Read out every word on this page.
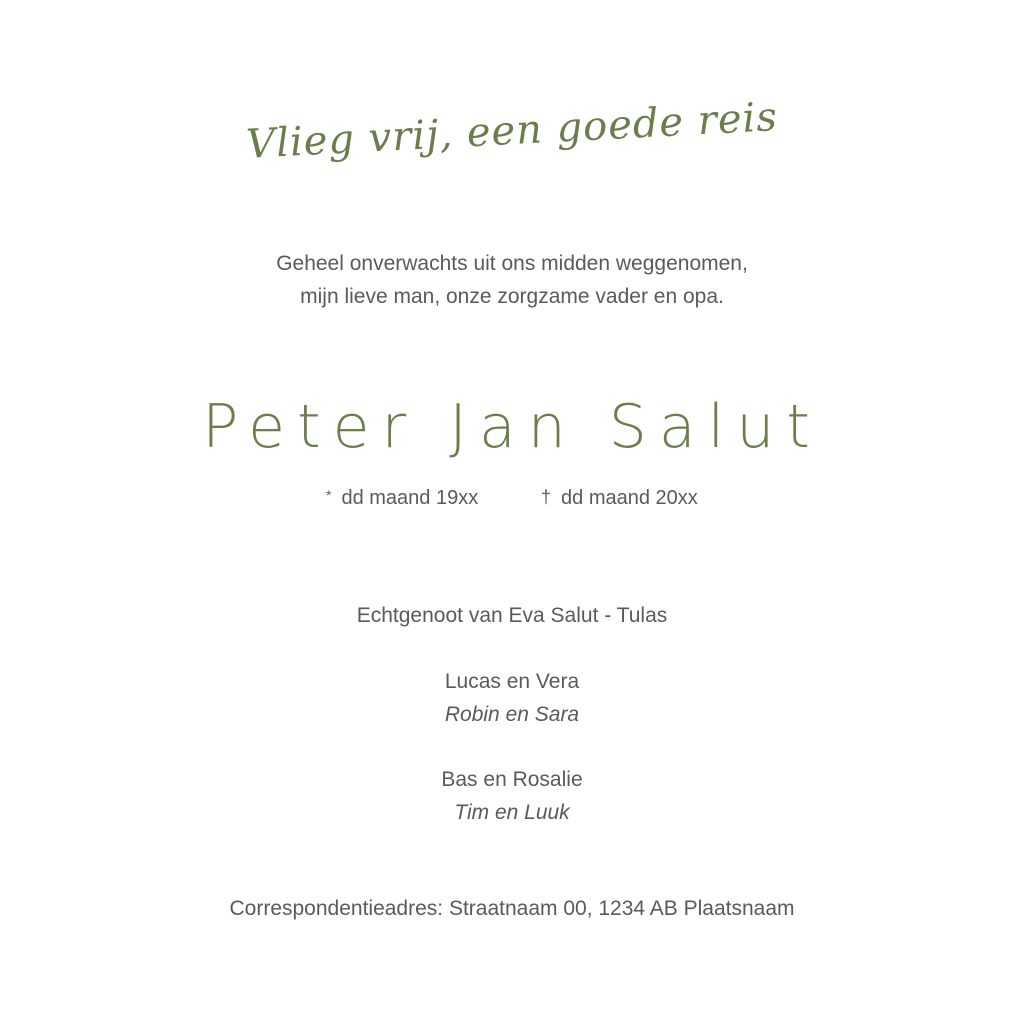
Vlieg vrij, een goede reis
Geheel onverwachts uit ons midden weggenomen,
mijn lieve man, onze zorgzame vader en opa.
Peter Jan Salut
* dd maand 19xx	† dd maand 20xx
Echtgenoot van Eva Salut - Tulas
Lucas en Vera
Robin en Sara
Bas en Rosalie
Tim en Luuk
Correspondentieadres: Straatnaam 00, 1234 AB Plaatsnaam
